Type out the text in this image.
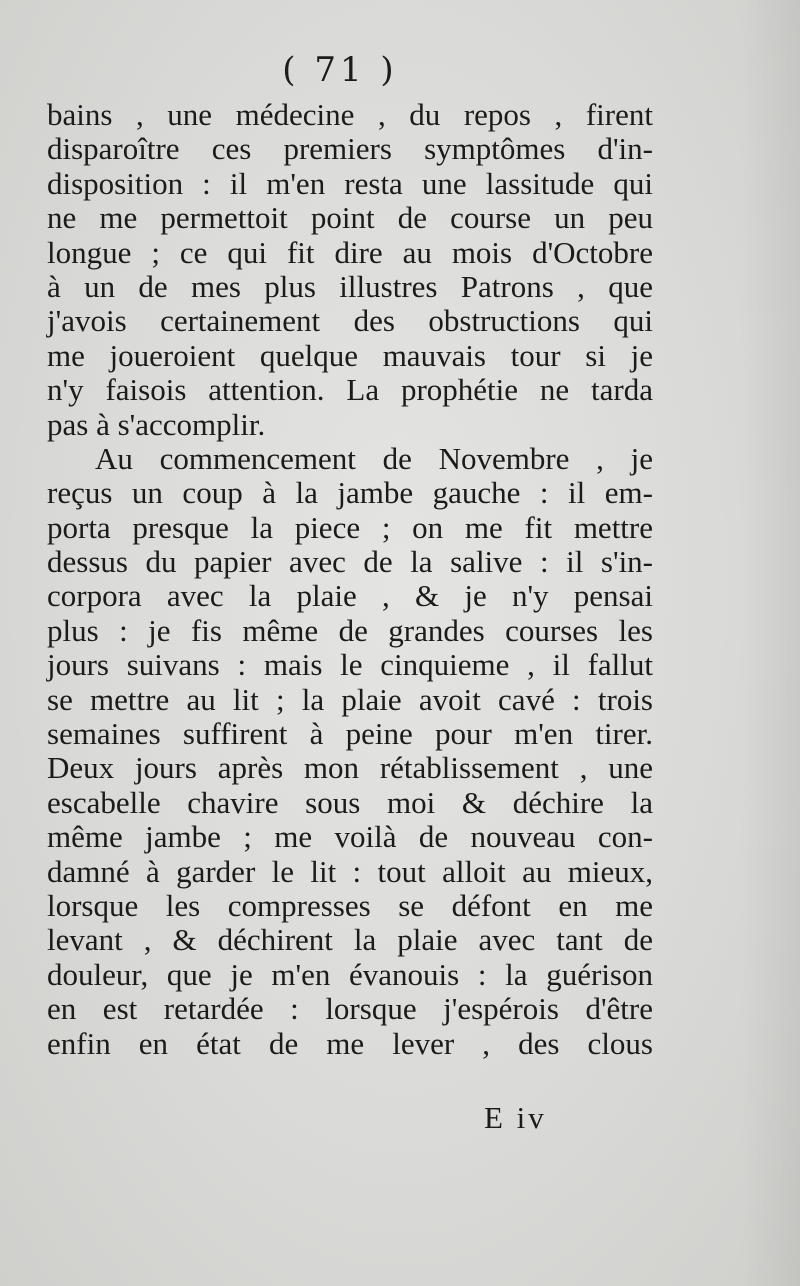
( 71 )
bains , une médecine , du repos , firent
disparoître ces premiers symptômes d'in-
disposition : il m'en resta une lassitude qui
ne me permettoit point de course un peu
longue ; ce qui fit dire au mois d'Octobre
à un de mes plus illustres Patrons , que
j'avois certainement des obstructions qui
me joueroient quelque mauvais tour si je
n'y faisois attention. La prophétie ne tarda
pas à s'accomplir.
Au commencement de Novembre , je
reçus un coup à la jambe gauche : il em-
porta presque la piece ; on me fit mettre
dessus du papier avec de la salive : il s'in-
corpora avec la plaie , & je n'y pensai
plus : je fis même de grandes courses les
jours suivans : mais le cinquieme , il fallut
se mettre au lit ; la plaie avoit cavé : trois
semaines suffirent à peine pour m'en tirer.
Deux jours après mon rétablissement , une
escabelle chavire sous moi & déchire la
même jambe ; me voilà de nouveau con-
damné à garder le lit : tout alloit au mieux,
lorsque les compresses se défont en me
levant , & déchirent la plaie avec tant de
douleur, que je m'en évanouis : la guérison
en est retardée : lorsque j'espérois d'être
enfin en état de me lever , des clous
E iv
